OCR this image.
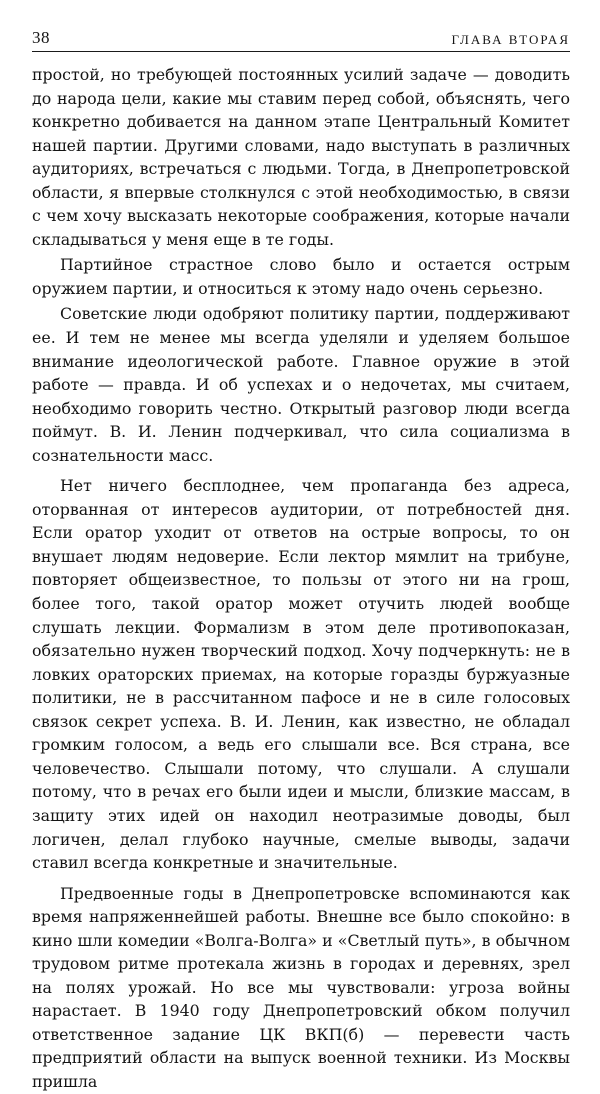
38	ГЛАВА ВТОРАЯ

простой, но требующей постоянных усилий задаче — доводить до народа цели, какие мы ставим перед собой, объяснять, чего конкретно добивается на данном этапе Центральный Комитет нашей партии. Другими словами, надо выступать в различных аудиториях, встречаться с людьми. Тогда, в Днепропетровской области, я впервые столкнулся с этой необходимостью, в связи с чем хочу высказать некоторые соображения, которые начали складываться у меня еще в те годы.

Партийное страстное слово было и остается острым оружием партии, и относиться к этому надо очень серьезно.

Советские люди одобряют политику партии, поддерживают ее. И тем не менее мы всегда уделяли и уделяем большое внимание идеологической работе. Главное оружие в этой работе — правда. И об успехах и о недочетах, мы считаем, необходимо говорить честно. Открытый разговор люди всегда поймут. В. И. Ленин подчеркивал, что сила социализма в сознательности масс.

Нет ничего бесплоднее, чем пропаганда без адреса, оторванная от интересов аудитории, от потребностей дня. Если оратор уходит от ответов на острые вопросы, то он внушает людям недоверие. Если лектор мямлит на трибуне, повторяет общеизвестное, то пользы от этого ни на грош, более того, такой оратор может отучить людей вообще слушать лекции. Формализм в этом деле противопоказан, обязательно нужен творческий подход. Хочу подчеркнуть: не в ловких ораторских приемах, на которые горазды буржуазные политики, не в рассчитанном пафосе и не в силе голосовых связок секрет успеха. В. И. Ленин, как известно, не обладал громким голосом, а ведь его слышали все. Вся страна, все человечество. Слышали потому, что слушали. А слушали потому, что в речах его были идеи и мысли, близкие массам, в защиту этих идей он находил неотразимые доводы, был логичен, делал глубоко научные, смелые выводы, задачи ставил всегда конкретные и значительные.

Предвоенные годы в Днепропетровске вспоминаются как время напряженнейшей работы. Внешне все было спокойно: в кино шли комедии «Волга-Волга» и «Светлый путь», в обычном трудовом ритме протекала жизнь в городах и деревнях, зрел на полях урожай. Но все мы чувствовали: угроза войны нарастает. В 1940 году Днепропетровский обком получил ответственное задание ЦК ВКП(б) — перевести часть предприятий области на выпуск военной техники. Из Москвы пришла
